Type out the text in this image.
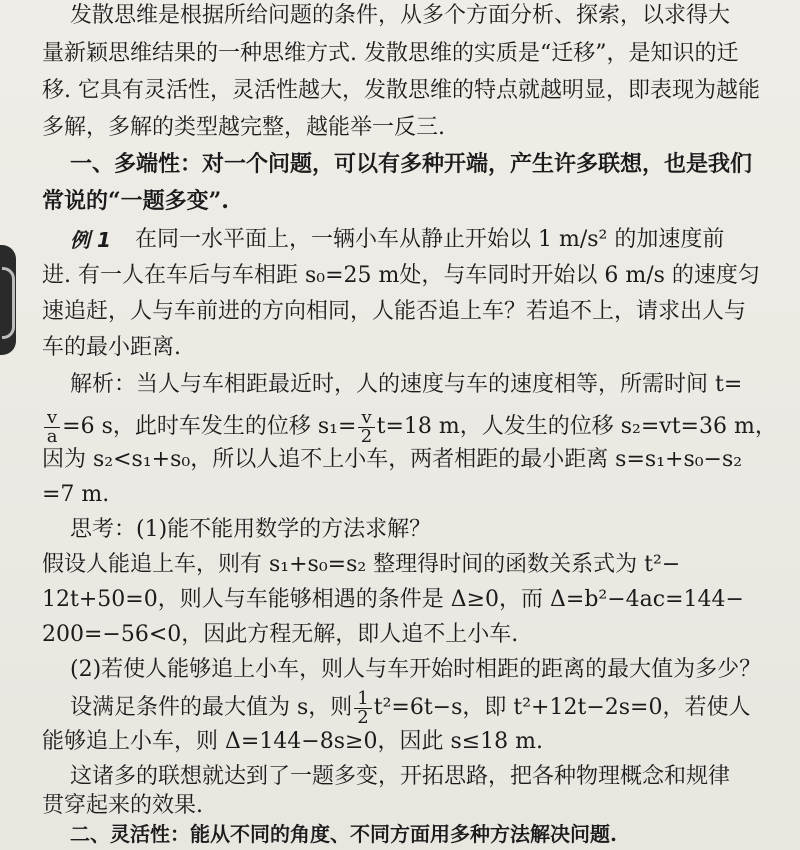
发散思维是根据所给问题的条件，从多个方面分析、探索，以求得大
量新颖思维结果的一种思维方式. 发散思维的实质是“迁移”，是知识的迁
移. 它具有灵活性，灵活性越大，发散思维的特点就越明显，即表现为越能
多解，多解的类型越完整，越能举一反三.
一、多端性：对一个问题，可以有多种开端，产生许多联想，也是我们
常说的“一题多变”.
例 1 在同一水平面上，一辆小车从静止开始以 1 m/s² 的加速度前
进. 有一人在车后与车相距 s₀=25 m处，与车同时开始以 6 m/s 的速度匀
速追赶，人与车前进的方向相同，人能否追上车？若追不上，请求出人与
车的最小距离.
解析：当人与车相距最近时，人的速度与车的速度相等，所需时间 t=
$\frac{v}{a} =6$ s，此时车发生的位移 $s_1= \frac{v}{2} t=18$ m，人发生的位移 s₂=vt=36 m，
因为 s₂<s₁+s₀，所以人追不上小车，两者相距的最小距离 s=s₁+s₀−s₂
=7 m.
思考：(1)能不能用数学的方法求解？
假设人能追上车，则有 s₁+s₀=s₂ 整理得时间的函数关系式为 t²−
12t+50=0，则人与车能够相遇的条件是 Δ≥0，而 Δ=b²−4ac=144−
200=−56<0，因此方程无解，即人追不上小车.
(2)若使人能够追上小车，则人与车开始时相距的距离的最大值为多少？
设满足条件的最大值为 s，则 $\frac{1}{2} t^2=6t-s$，即 t²+12t−2s=0，若使人
能够追上小车，则 Δ=144−8s≥0，因此 s≤18 m.
这诸多的联想就达到了一题多变，开拓思路，把各种物理概念和规律
贯穿起来的效果.
二、灵活性：能从不同的角度、不同方面用多种方法解决问题.
